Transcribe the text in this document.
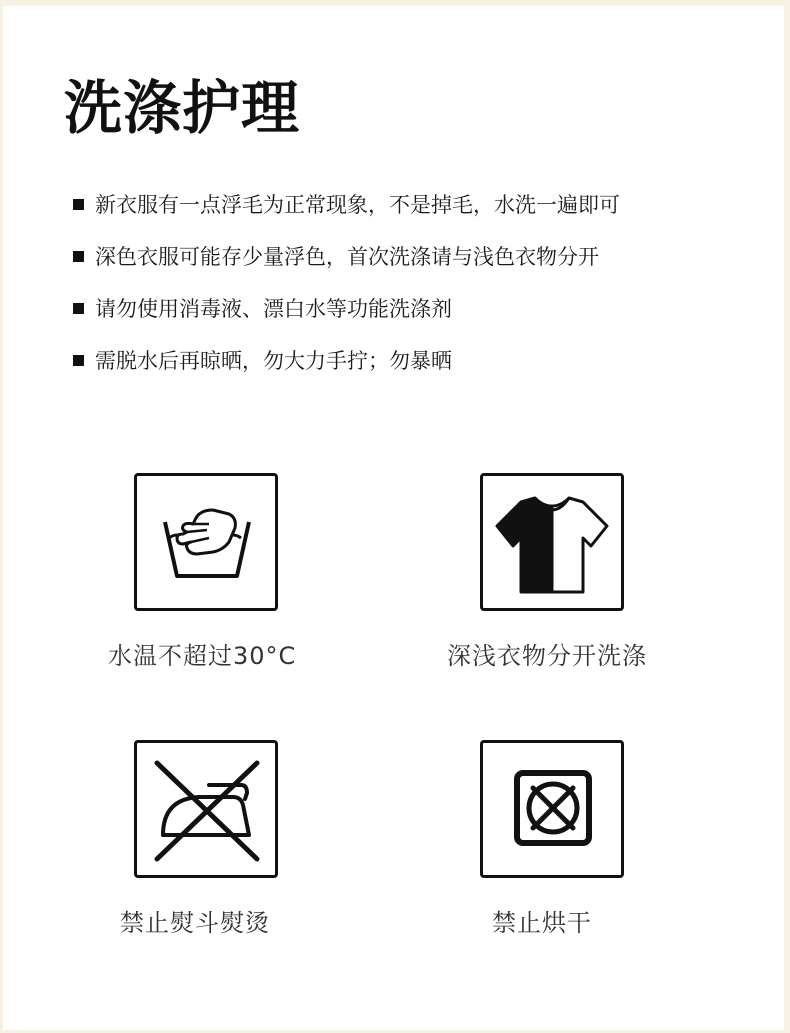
洗涤护理
新衣服有一点浮毛为正常现象，不是掉毛，水洗一遍即可
深色衣服可能存少量浮色，首次洗涤请与浅色衣物分开
请勿使用消毒液、漂白水等功能洗涤剂
需脱水后再晾晒，勿大力手拧；勿暴晒
水温不超过30°C	深浅衣物分开洗涤
禁止熨斗熨烫	禁止烘干
